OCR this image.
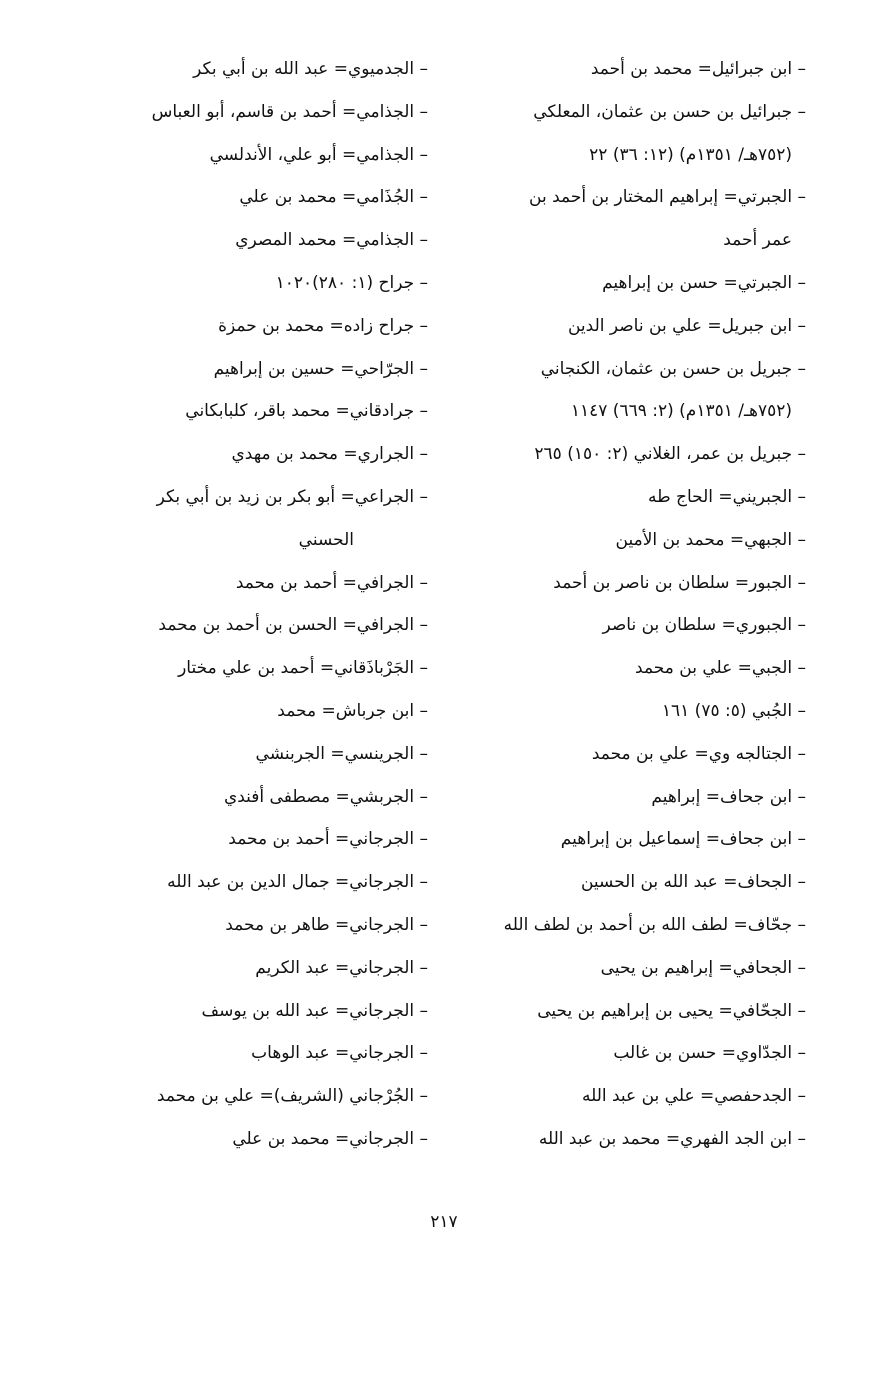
– ابن جبرائيل= محمد بن أحمد
– جبرائيل بن حسن بن عثمان، المعلكي
(٧٥٢هـ/ ١٣٥١م) (١٢: ٣٦) ٢٢
– الجبرتي= إبراهيم المختار بن أحمد بن
عمر أحمد
– الجبرتي= حسن بن إبراهيم
– ابن جبريل= علي بن ناصر الدين
– جبريل بن حسن بن عثمان، الكنجاني
(٧٥٢هـ/ ١٣٥١م) (٢: ٦٦٩) ١١٤٧
– جبريل بن عمر، الغلاني (٢: ١٥٠) ٢٦٥
– الجبريني= الحاج طه
– الجبهي= محمد بن الأمين
– الجبور= سلطان بن ناصر بن أحمد
– الجبوري= سلطان بن ناصر
– الجبي= علي بن محمد
– الجُبي (٥: ٧٥) ١٦١
– الجتالجه وي= علي بن محمد
– ابن جحاف= إبراهيم
– ابن جحاف= إسماعيل بن إبراهيم
– الجحاف= عبد الله بن الحسين
– جحّاف= لطف الله بن أحمد بن لطف الله
– الجحافي= إبراهيم بن يحيى
– الجحّافي= يحيى بن إبراهيم بن يحيى
– الجدّاوي= حسن بن غالب
– الجدحفصي= علي بن عبد الله
– ابن الجد الفهري= محمد بن عبد الله
– الجدميوي= عبد الله بن أبي بكر
– الجذامي= أحمد بن قاسم، أبو العباس
– الجذامي= أبو علي، الأندلسي
– الجُذَامي= محمد بن علي
– الجذامي= محمد المصري
– جراح (١: ٢٨٠)١٠٢٠
– جراح زاده= محمد بن حمزة
– الجرّاحي= حسين بن إبراهيم
– جرادقاني= محمد باقر، كلبابكاني
– الجراري= محمد بن مهدي
– الجراعي= أبو بكر بن زيد بن أبي بكر
الحسني
– الجرافي= أحمد بن محمد
– الجرافي= الحسن بن أحمد بن محمد
– الجَرْباذَقاني= أحمد بن علي مختار
– ابن جرباش= محمد
– الجرينسي= الجربنشي
– الجربشي= مصطفى أفندي
– الجرجاني= أحمد بن محمد
– الجرجاني= جمال الدين بن عبد الله
– الجرجاني= طاهر بن محمد
– الجرجاني= عبد الكريم
– الجرجاني= عبد الله بن يوسف
– الجرجاني= عبد الوهاب
– الجُرْجاني (الشريف)= علي بن محمد
– الجرجاني= محمد بن علي
٢١٧
